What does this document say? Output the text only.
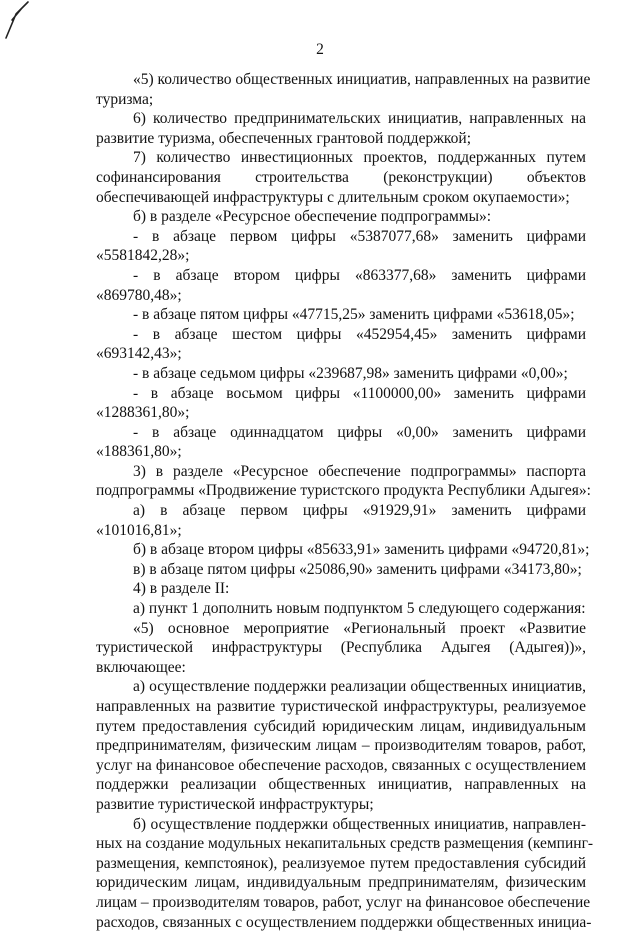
2
«5) количество общественных инициатив, направленных на развитие
туризма;
6) количество предпринимательских инициатив, направленных на
развитие туризма, обеспеченных грантовой поддержкой;
7) количество инвестиционных проектов, поддержанных путем
софинансирования строительства (реконструкции) объектов
обеспечивающей инфраструктуры с длительным сроком окупаемости»;
б) в разделе «Ресурсное обеспечение подпрограммы»:
- в абзаце первом цифры «5387077,68» заменить цифрами
«5581842,28»;
- в абзаце втором цифры «863377,68» заменить цифрами
«869780,48»;
- в абзаце пятом цифры «47715,25» заменить цифрами «53618,05»;
- в абзаце шестом цифры «452954,45» заменить цифрами
«693142,43»;
- в абзаце седьмом цифры «239687,98» заменить цифрами «0,00»;
- в абзаце восьмом цифры «1100000,00» заменить цифрами
«1288361,80»;
- в абзаце одиннадцатом цифры «0,00» заменить цифрами
«188361,80»;
3) в разделе «Ресурсное обеспечение подпрограммы» паспорта
подпрограммы «Продвижение туристского продукта Республики Адыгея»:
а) в абзаце первом цифры «91929,91» заменить цифрами
«101016,81»;
б) в абзаце втором цифры «85633,91» заменить цифрами «94720,81»;
в) в абзаце пятом цифры «25086,90» заменить цифрами «34173,80»;
4) в разделе II:
а) пункт 1 дополнить новым подпунктом 5 следующего содержания:
«5) основное мероприятие «Региональный проект «Развитие
туристической инфраструктуры (Республика Адыгея (Адыгея))»,
включающее:
а) осуществление поддержки реализации общественных инициатив,
направленных на развитие туристической инфраструктуры, реализуемое
путем предоставления субсидий юридическим лицам, индивидуальным
предпринимателям, физическим лицам – производителям товаров, работ,
услуг на финансовое обеспечение расходов, связанных с осуществлением
поддержки реализации общественных инициатив, направленных на
развитие туристической инфраструктуры;
б) осуществление поддержки общественных инициатив, направлен-
ных на создание модульных некапитальных средств размещения (кемпинг-
размещения, кемпстоянок), реализуемое путем предоставления субсидий
юридическим лицам, индивидуальным предпринимателям, физическим
лицам – производителям товаров, работ, услуг на финансовое обеспечение
расходов, связанных с осуществлением поддержки общественных инициа-
